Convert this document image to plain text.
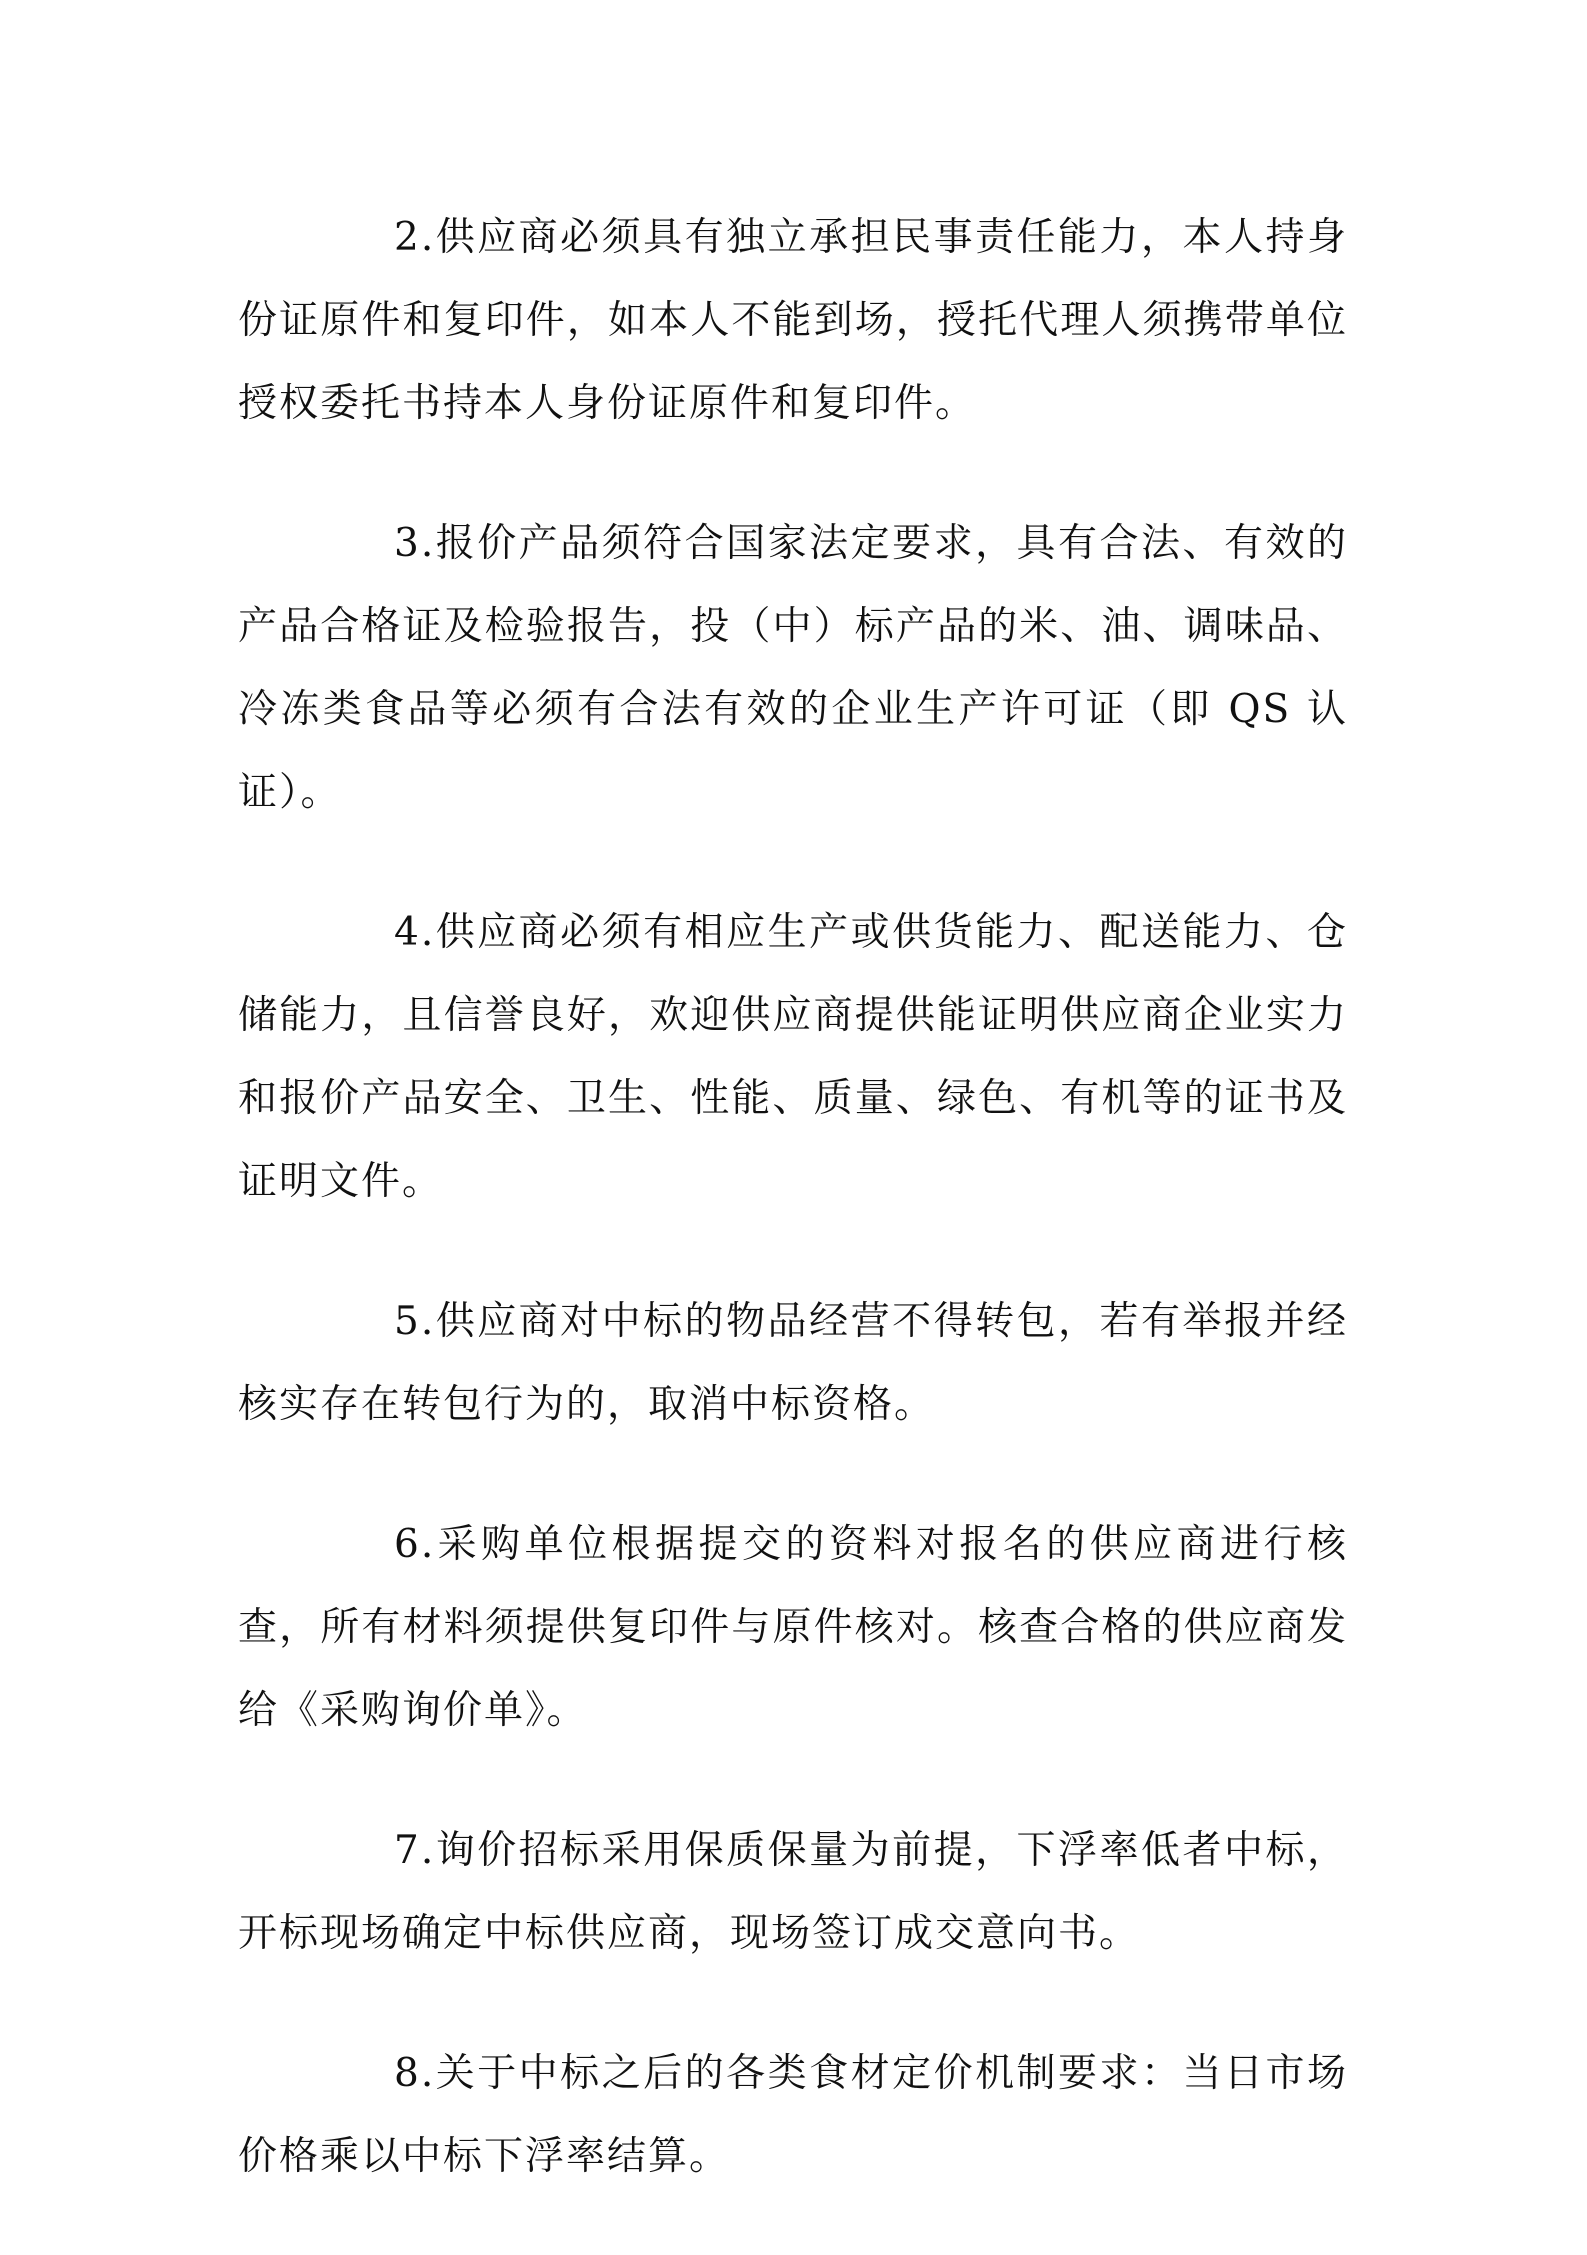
2.供应商必须具有独立承担民事责任能力，本人持身份证原件和复印件，如本人不能到场，授托代理人须携带单位授权委托书持本人身份证原件和复印件。

3.报价产品须符合国家法定要求，具有合法、有效的产品合格证及检验报告，投（中）标产品的米、油、调味品、冷冻类食品等必须有合法有效的企业生产许可证（即 QS 认证）。

4.供应商必须有相应生产或供货能力、配送能力、仓储能力，且信誉良好，欢迎供应商提供能证明供应商企业实力和报价产品安全、卫生、性能、质量、绿色、有机等的证书及证明文件。

5.供应商对中标的物品经营不得转包，若有举报并经核实存在转包行为的，取消中标资格。

6.采购单位根据提交的资料对报名的供应商进行核查，所有材料须提供复印件与原件核对。核查合格的供应商发给《采购询价单》。

7.询价招标采用保质保量为前提，下浮率低者中标，开标现场确定中标供应商，现场签订成交意向书。

8.关于中标之后的各类食材定价机制要求：当日市场价格乘以中标下浮率结算。
